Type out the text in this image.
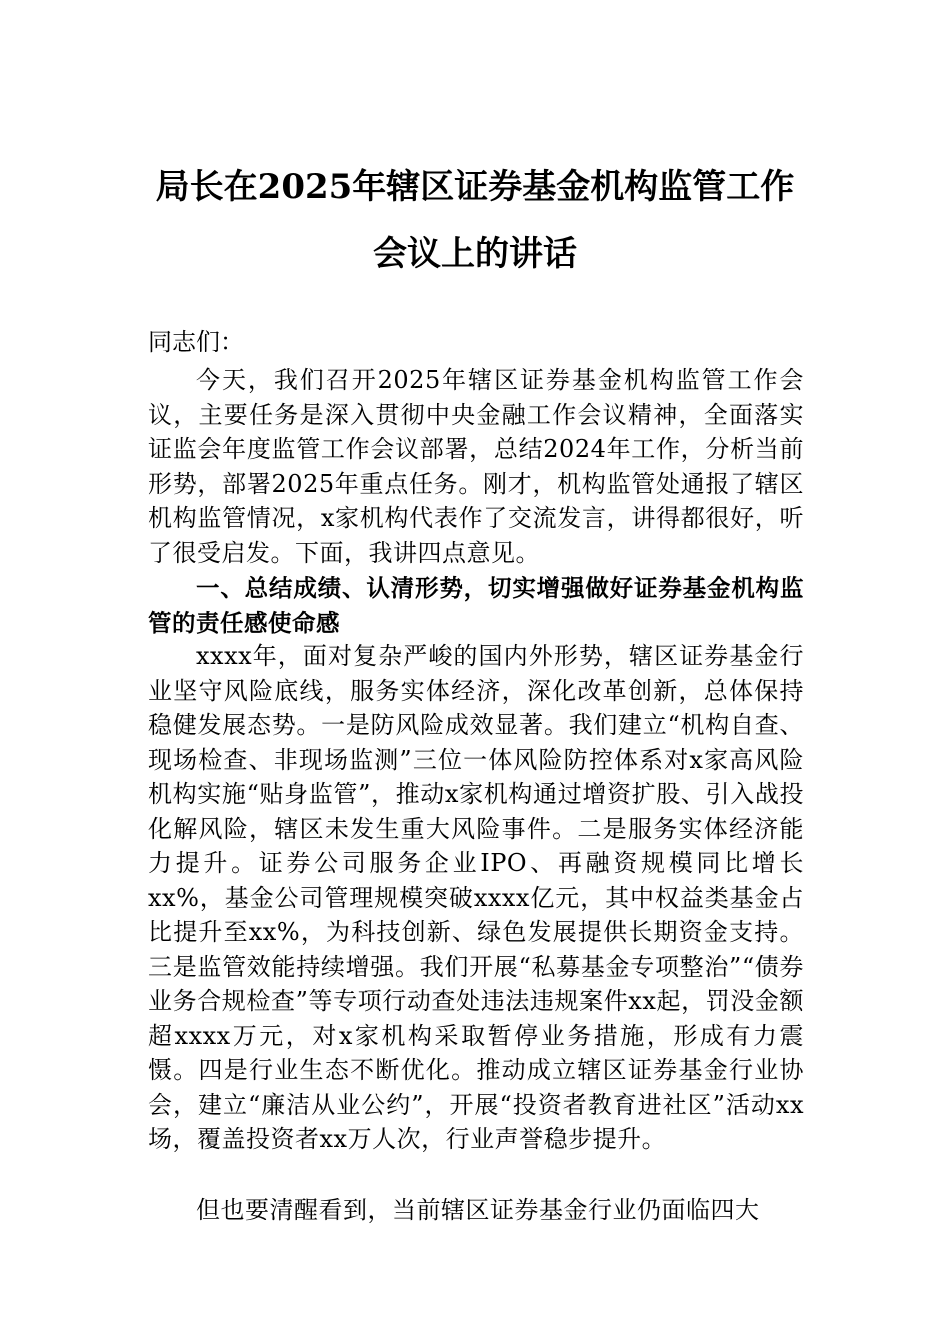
局长在2025年辖区证券基金机构监管工作
会议上的讲话
同志们：

今天，我们召开2025年辖区证券基金机构监管工作会议，主要任务是深入贯彻中央金融工作会议精神，全面落实证监会年度监管工作会议部署，总结2024年工作，分析当前形势，部署2025年重点任务。刚才，机构监管处通报了辖区机构监管情况，x家机构代表作了交流发言，讲得都很好，听了很受启发。下面，我讲四点意见。

一、总结成绩、认清形势，切实增强做好证券基金机构监管的责任感使命感

xxxx年，面对复杂严峻的国内外形势，辖区证券基金行业坚守风险底线，服务实体经济，深化改革创新，总体保持稳健发展态势。一是防风险成效显著。我们建立“机构自查、现场检查、非现场监测”三位一体风险防控体系对x家高风险机构实施“贴身监管”，推动x家机构通过增资扩股、引入战投化解风险，辖区未发生重大风险事件。二是服务实体经济能力提升。证券公司服务企业IPO、再融资规模同比增长xx%，基金公司管理规模突破xxxx亿元，其中权益类基金占比提升至xx%，为科技创新、绿色发展提供长期资金支持。三是监管效能持续增强。我们开展“私募基金专项整治”“债券业务合规检查”等专项行动查处违法违规案件xx起，罚没金额超xxxx万元，对x家机构采取暂停业务措施，形成有力震慑。四是行业生态不断优化。推动成立辖区证券基金行业协会，建立“廉洁从业公约”，开展“投资者教育进社区”活动xx场，覆盖投资者xx万人次，行业声誉稳步提升。

但也要清醒看到，当前辖区证券基金行业仍面临四大
